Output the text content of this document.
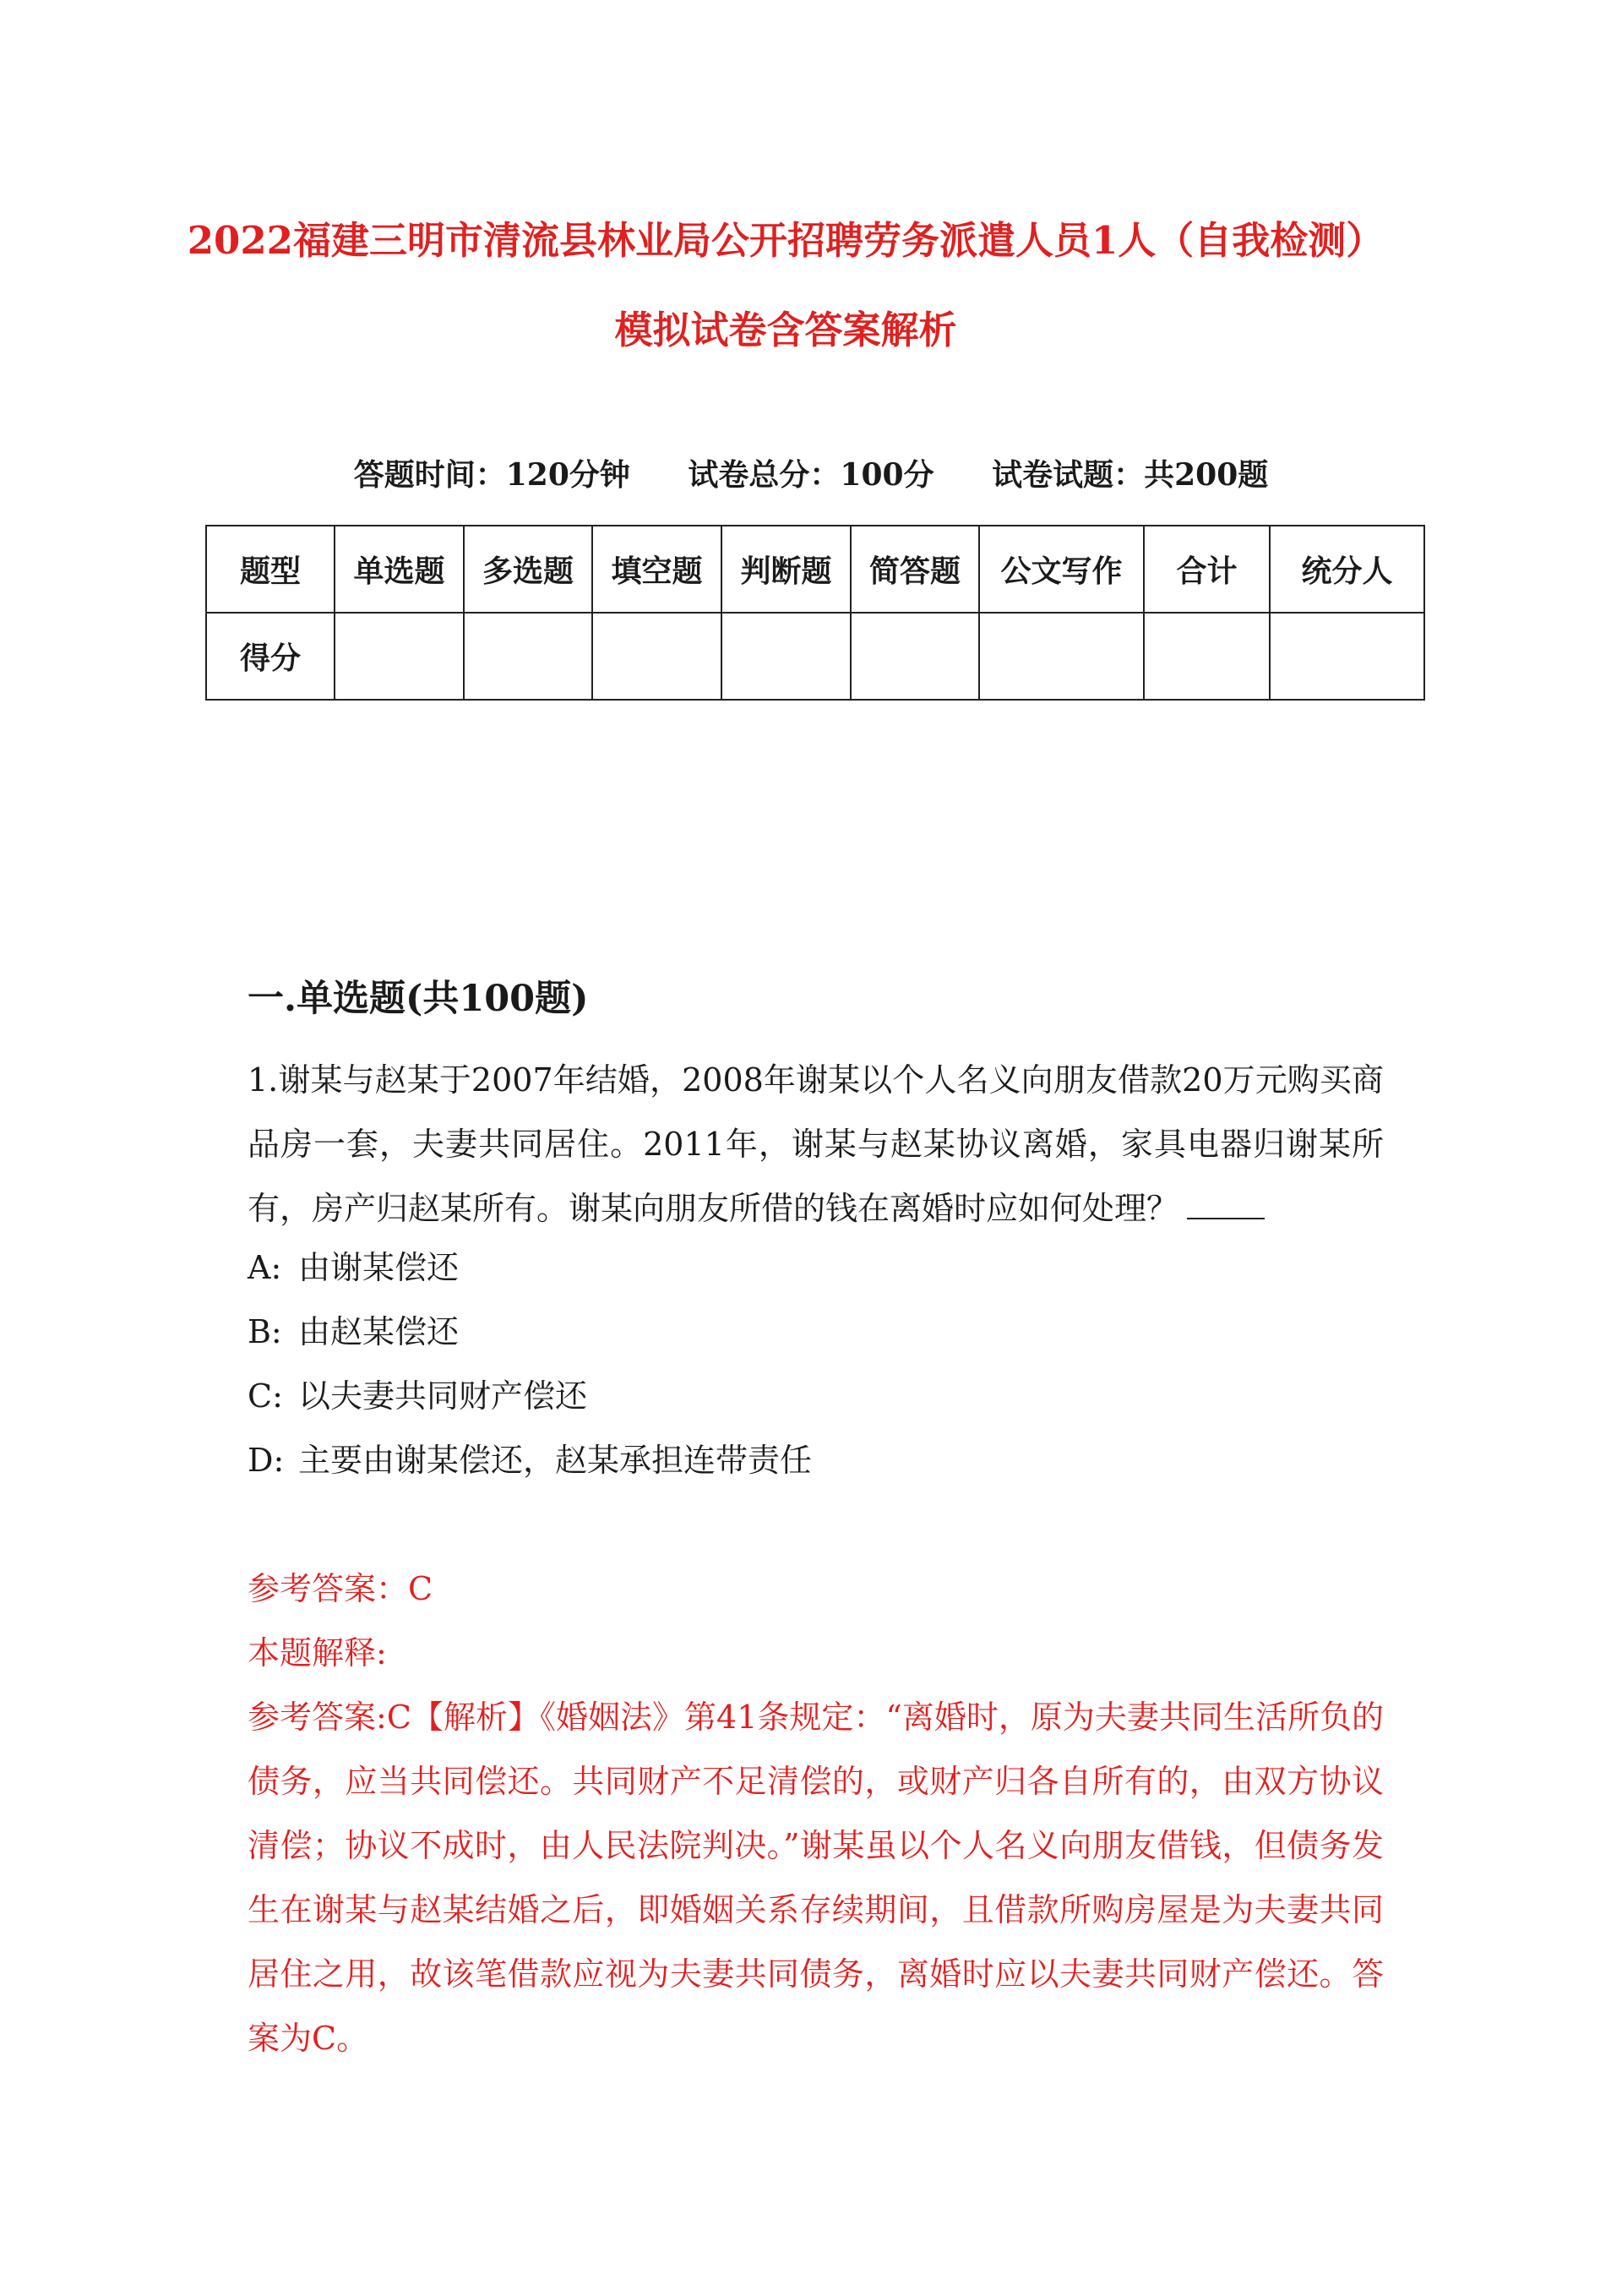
2022福建三明市清流县林业局公开招聘劳务派遣人员1人（自我检测）模拟试卷含答案解析
答题时间：120分钟 试卷总分：100分 试卷试题：共200题
题型	单选题	多选题	填空题	判断题	简答题	公文写作	合计	统分人
得分								
一.单选题(共100题)

1.谢某与赵某于2007年结婚，2008年谢某以个人名义向朋友借款20万元购买商品房一套，夫妻共同居住。2011年，谢某与赵某协议离婚，家具电器归谢某所有，房产归赵某所有。谢某向朋友所借的钱在离婚时应如何处理？

A: 由谢某偿还
B: 由赵某偿还
C: 以夫妻共同财产偿还
D: 主要由谢某偿还，赵某承担连带责任

参考答案：C

本题解释:

参考答案:C【解析】《婚姻法》第41条规定：“离婚时，原为夫妻共同生活所负的债务，应当共同偿还。共同财产不足清偿的，或财产归各自所有的，由双方协议清偿；协议不成时，由人民法院判决。”谢某虽以个人名义向朋友借钱，但债务发生在谢某与赵某结婚之后，即婚姻关系存续期间，且借款所购房屋是为夫妻共同居住之用，故该笔借款应视为夫妻共同债务，离婚时应以夫妻共同财产偿还。答案为C。
